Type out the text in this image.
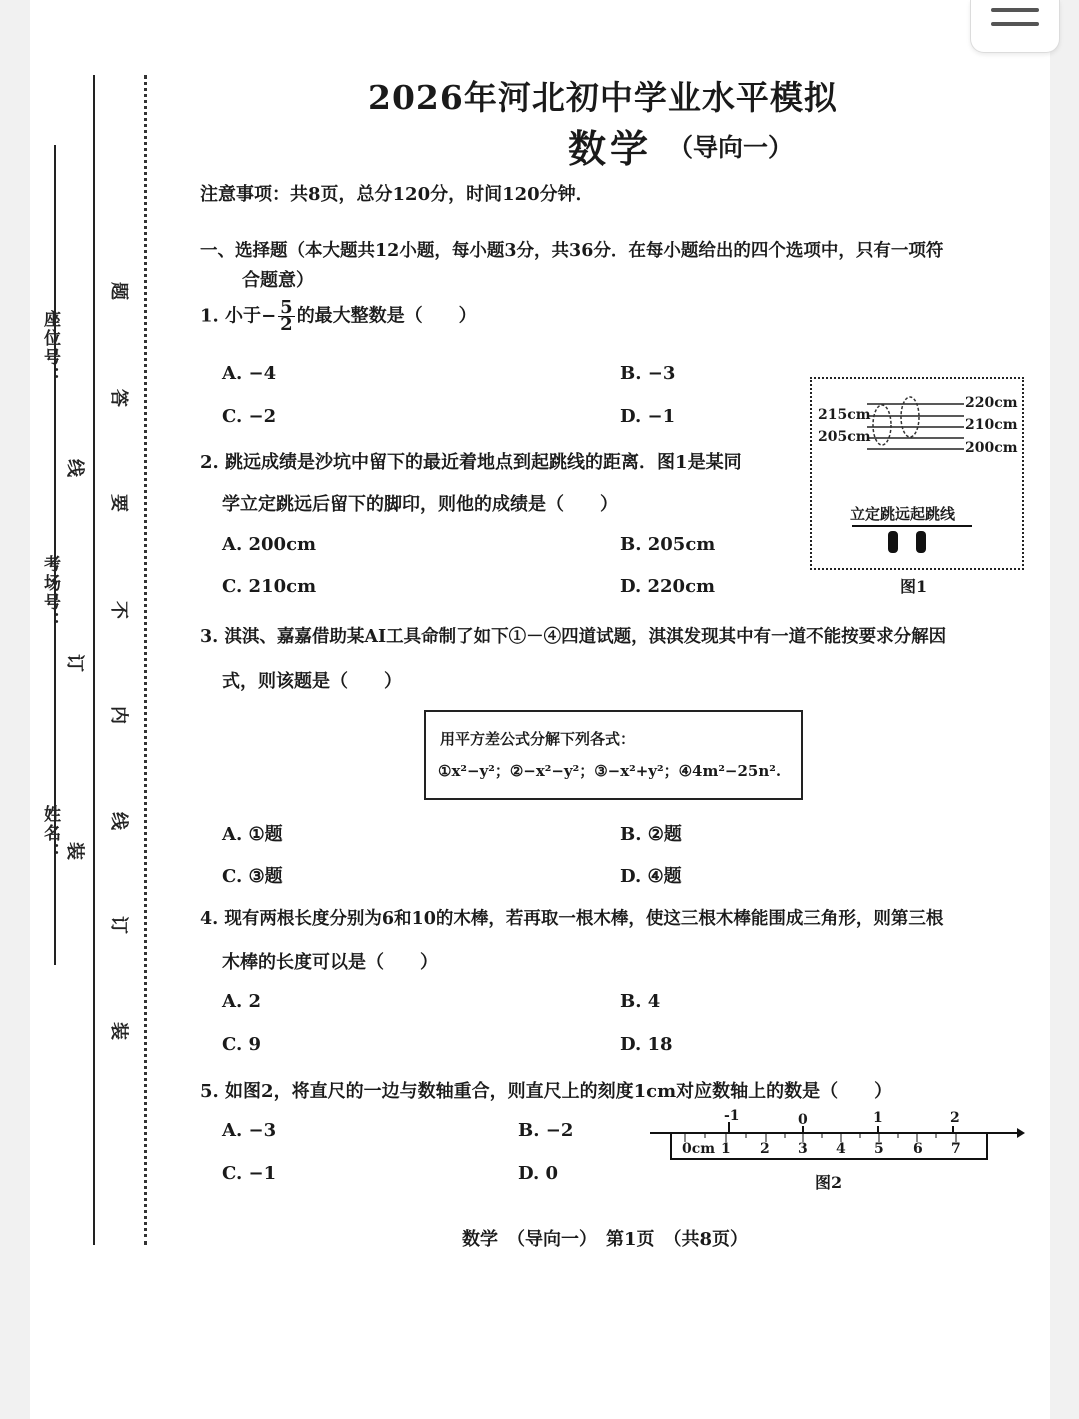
座位号：
考场号：
姓名：
线
订
装
题
答
要
不
内
线
订
装
2026年河北初中学业水平模拟
数学 （导向一）
注意事项：共8页，总分120分，时间120分钟．
一、选择题（本大题共12小题，每小题3分，共36分．在每小题给出的四个选项中，只有一项符
合题意）
1. 小于− $\frac{5}{2}$ 的最大整数是（　　）
A. −4	B. −3
C. −2	D. −1
2. 跳远成绩是沙坑中留下的最近着地点到起跳线的距离．图1是某同
学立定跳远后留下的脚印，则他的成绩是（　　）
A. 200cm	B. 205cm
C. 210cm	D. 220cm
215cm
205cm
220cm
210cm
200cm
立定跳远起跳线
图1
3. 淇淇、嘉嘉借助某AI工具命制了如下①－④四道试题，淇淇发现其中有一道不能按要求分解因
式，则该题是（　　）
用平方差公式分解下列各式：
①x²−y²；②−x²−y²；③−x²+y²；④4m²−25n².
A. ①题	B. ②题
C. ③题	D. ④题
4. 现有两根长度分别为6和10的木棒，若再取一根木棒，使这三根木棒能围成三角形，则第三根
木棒的长度可以是（　　）
A. 2	B. 4
C. 9	D. 18
5. 如图2，将直尺的一边与数轴重合，则直尺上的刻度1cm对应数轴上的数是（　　）
A. −3	B. −2
C. −1	D. 0
-1	0	1	2
0cm 1 2 3 4 5 6 7
图2
数学　（导向一）　第1页　（共8页）
